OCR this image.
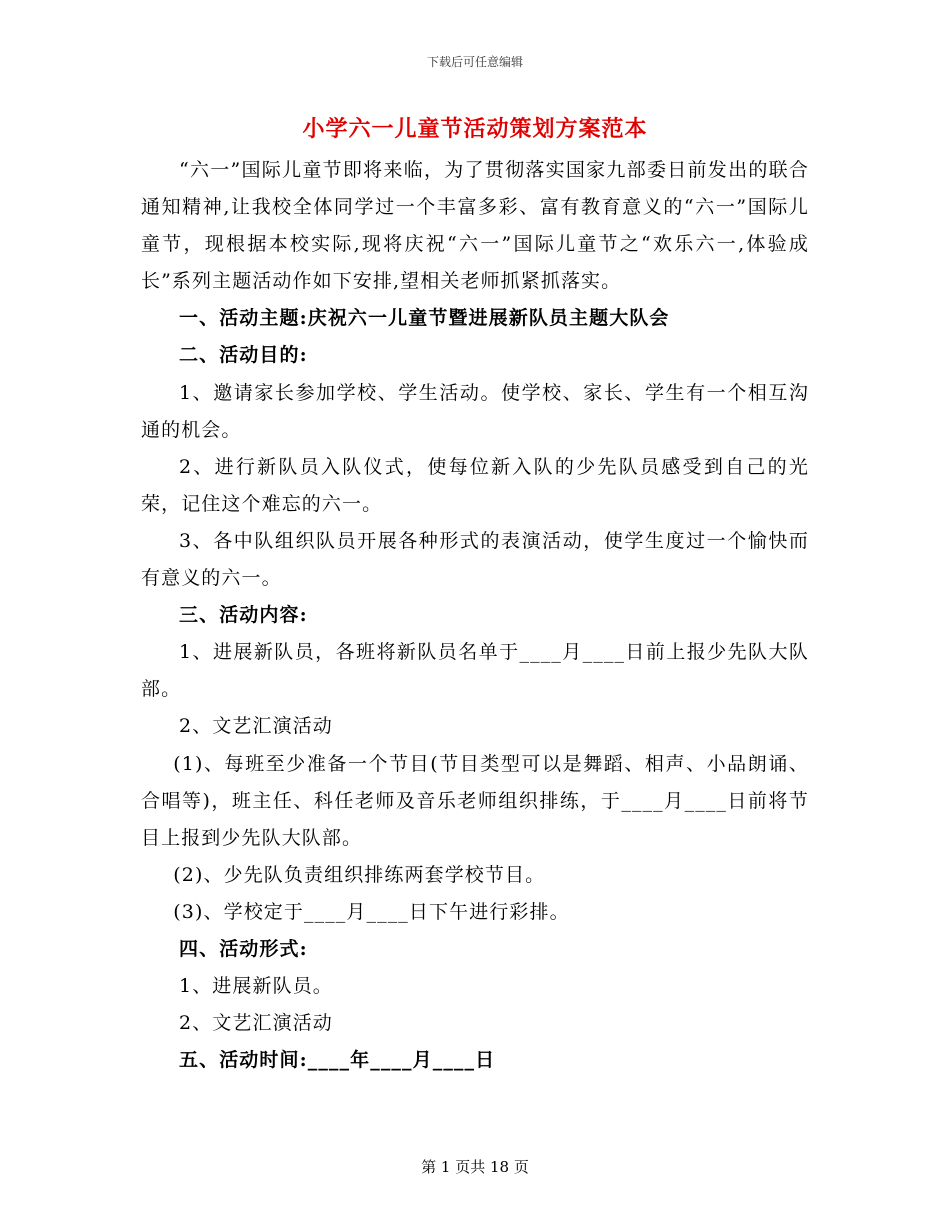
下载后可任意编辑
小学六一儿童节活动策划方案范本

“六一”国际儿童节即将来临，为了贯彻落实国家九部委日前发出的联合通知精神,让我校全体同学过一个丰富多彩、富有教育意义的“六一”国际儿童节，现根据本校实际,现将庆祝“六一”国际儿童节之“欢乐六一,体验成长”系列主题活动作如下安排,望相关老师抓紧抓落实。

一、活动主题:庆祝六一儿童节暨进展新队员主题大队会

二、活动目的:

1、邀请家长参加学校、学生活动。使学校、家长、学生有一个相互沟通的机会。

2、进行新队员入队仪式，使每位新入队的少先队员感受到自己的光荣，记住这个难忘的六一。

3、各中队组织队员开展各种形式的表演活动，使学生度过一个愉快而有意义的六一。

三、活动内容:

1、进展新队员，各班将新队员名单于____月____日前上报少先队大队部。

2、文艺汇演活动

(1)、每班至少准备一个节目(节目类型可以是舞蹈、相声、小品朗诵、合唱等)，班主任、科任老师及音乐老师组织排练，于____月____日前将节目上报到少先队大队部。

(2)、少先队负责组织排练两套学校节目。

(3)、学校定于____月____日下午进行彩排。

四、活动形式:

1、进展新队员。

2、文艺汇演活动

五、活动时间:____年____月____日

第 1 页共 18 页
